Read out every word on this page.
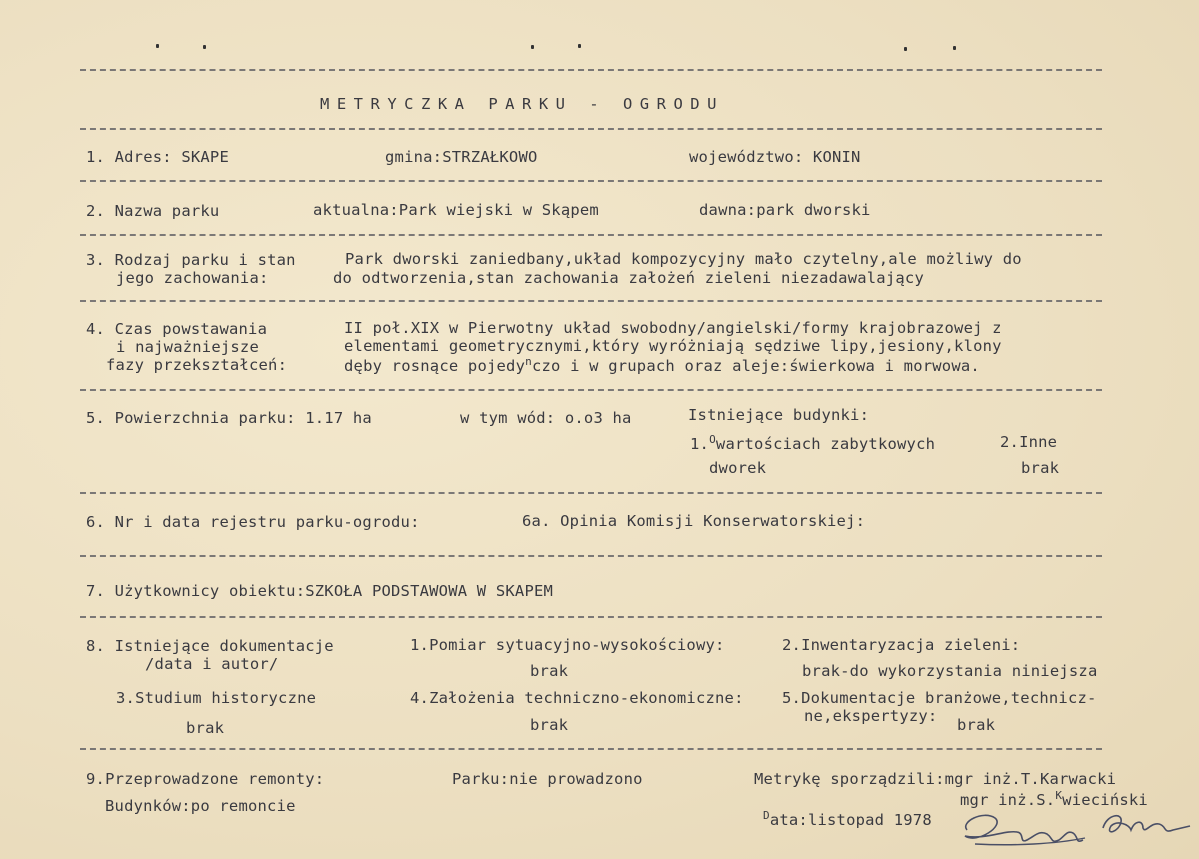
METRYCZKA PARKU - OGRODU
1. Adres: SKAPE	gmina:STRZAŁKOWO	województwo: KONIN
2. Nazwa parku	aktualna:Park wiejski w Skąpem	dawna:park dworski
3. Rodzaj parku i stan
jego zachowania:
Park dworski zaniedbany,układ kompozycyjny mało czytelny,ale możliwy do
do odtworzenia,stan zachowania założeń zieleni niezadawalający
4. Czas powstawania
i najważniejsze
fazy przekształceń:
II poł.XIX w Pierwotny układ swobodny/angielski/formy krajobrazowej z
elementami geometrycznymi,który wyróżniają sędziwe lipy,jesiony,klony
dęby rosnące pojedy$^n$czo i w grupach oraz aleje:świerkowa i morwowa.
5. Powierzchnia parku: 1.17 ha	w tym wód: o.o3 ha	Istniejące budynki:
1.$^O$wartościach zabytkowych
dworek
2.Inne
brak
6. Nr i data rejestru parku-ogrodu:	6a. Opinia Komisji Konserwatorskiej:
7. Użytkownicy obiektu:SZKOŁA PODSTAWOWA W SKAPEM
8. Istniejące dokumentacje
/data i autor/
1.Pomiar sytuacyjno-wysokościowy:
brak
2.Inwentaryzacja zieleni:
brak-do wykorzystania niniejsza
3.Studium historyczne
brak
4.Założenia techniczno-ekonomiczne:
brak
5.Dokumentacje branżowe,technicz-
ne,ekspertyzy: brak
9.Przeprowadzone remonty:	Parku:nie prowadzono
Budynków:po remoncie
Metrykę sporządzili:mgr inż.T.Karwacki
mgr inż.S.$^K$wieciński
$^D$ata:listopad 1978
